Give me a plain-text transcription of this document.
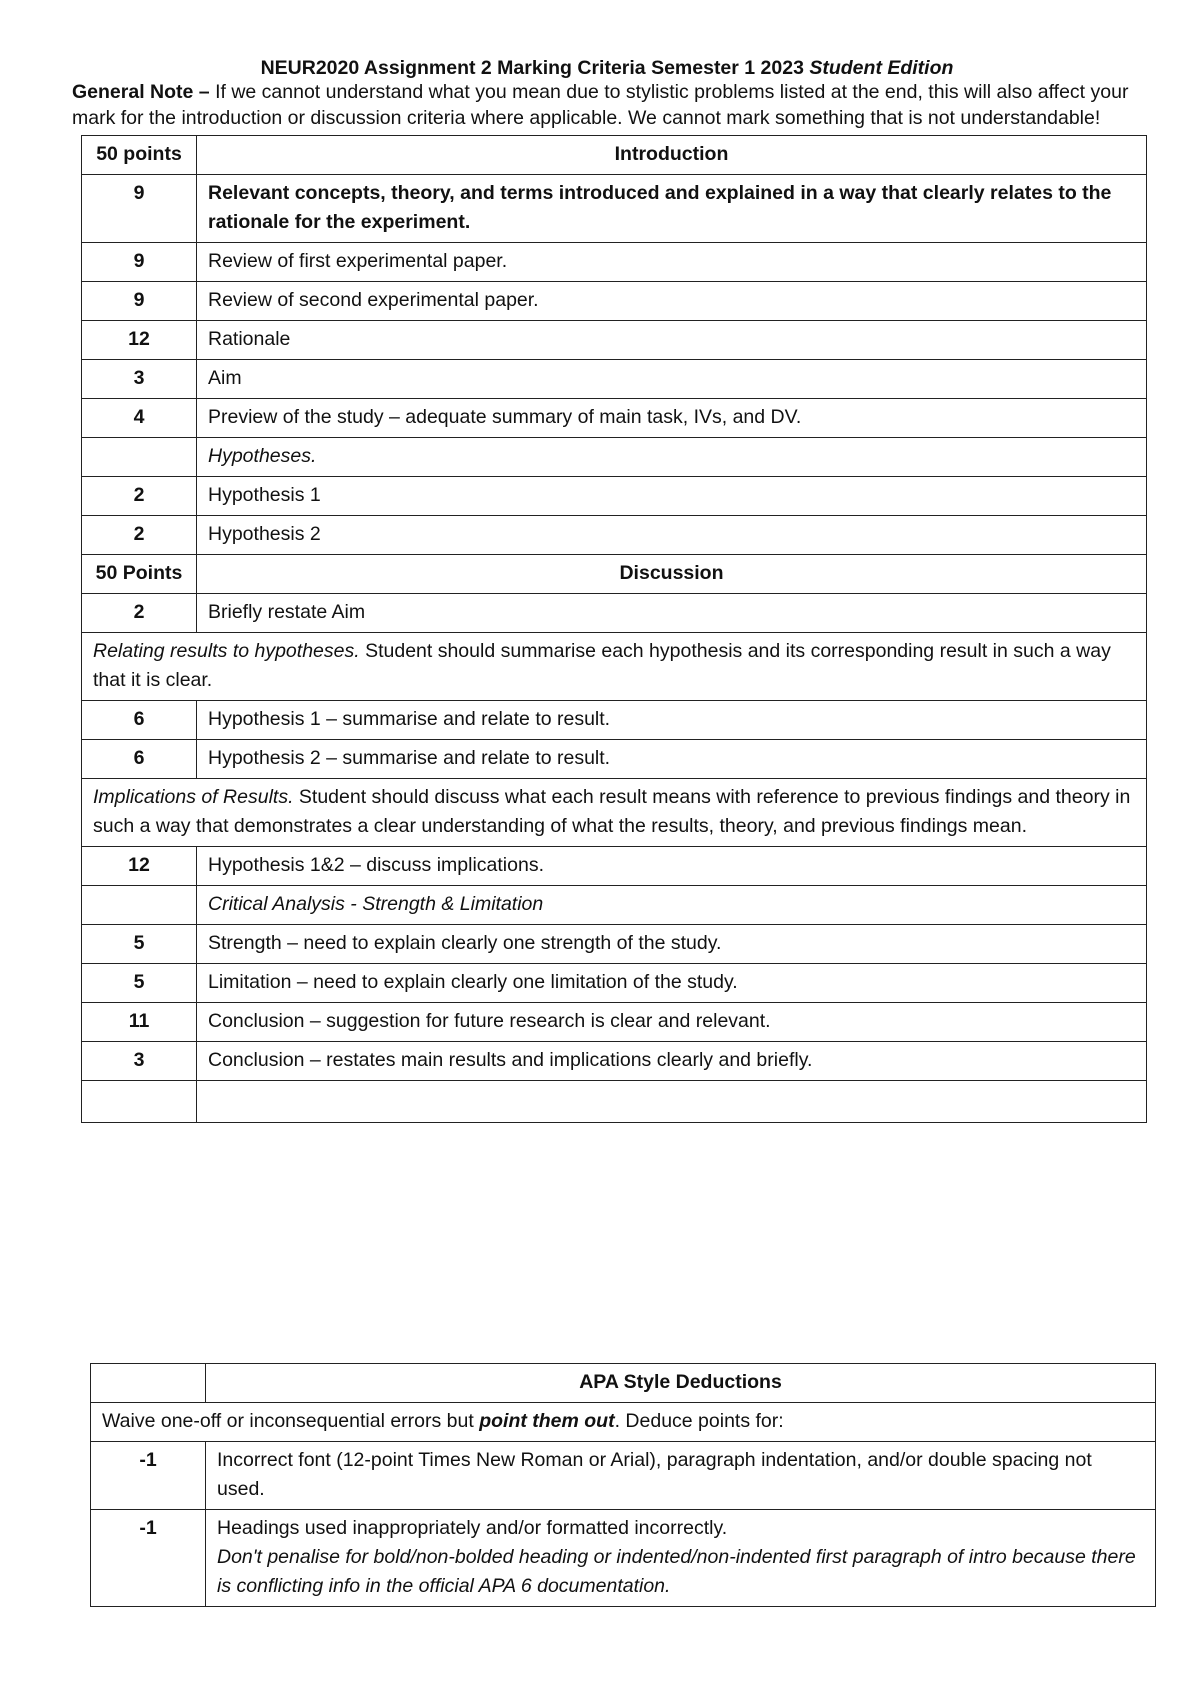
NEUR2020 Assignment 2 Marking Criteria Semester 1 2023 Student Edition
General Note – If we cannot understand what you mean due to stylistic problems listed at the end, this will also affect your mark for the introduction or discussion criteria where applicable. We cannot mark something that is not understandable!
50 points	Introduction
9	Relevant concepts, theory, and terms introduced and explained in a way that clearly relates to the rationale for the experiment.
9	Review of first experimental paper.
9	Review of second experimental paper.
12	Rationale
3	Aim
4	Preview of the study – adequate summary of main task, IVs, and DV.
	Hypotheses.
2	Hypothesis 1
2	Hypothesis 2
50 Points	Discussion
2	Briefly restate Aim
Relating results to hypotheses. Student should summarise each hypothesis and its corresponding result in such a way that it is clear.	
6	Hypothesis 1 – summarise and relate to result.
6	Hypothesis 2 – summarise and relate to result.
Implications of Results. Student should discuss what each result means with reference to previous findings and theory in such a way that demonstrates a clear understanding of what the results, theory, and previous findings mean.	
12	Hypothesis 1&2 – discuss implications.
	Critical Analysis - Strength & Limitation
5	Strength – need to explain clearly one strength of the study.
5	Limitation – need to explain clearly one limitation of the study.
11	Conclusion – suggestion for future research is clear and relevant.
3	Conclusion – restates main results and implications clearly and briefly.

	APA Style Deductions
Waive one-off or inconsequential errors but point them out. Deduce points for:	
-1	Incorrect font (12-point Times New Roman or Arial), paragraph indentation, and/or double spacing not used.
-1	Headings used inappropriately and/or formatted incorrectly.
Don't penalise for bold/non-bolded heading or indented/non-indented first paragraph of intro because there is conflicting info in the official APA 6 documentation.
